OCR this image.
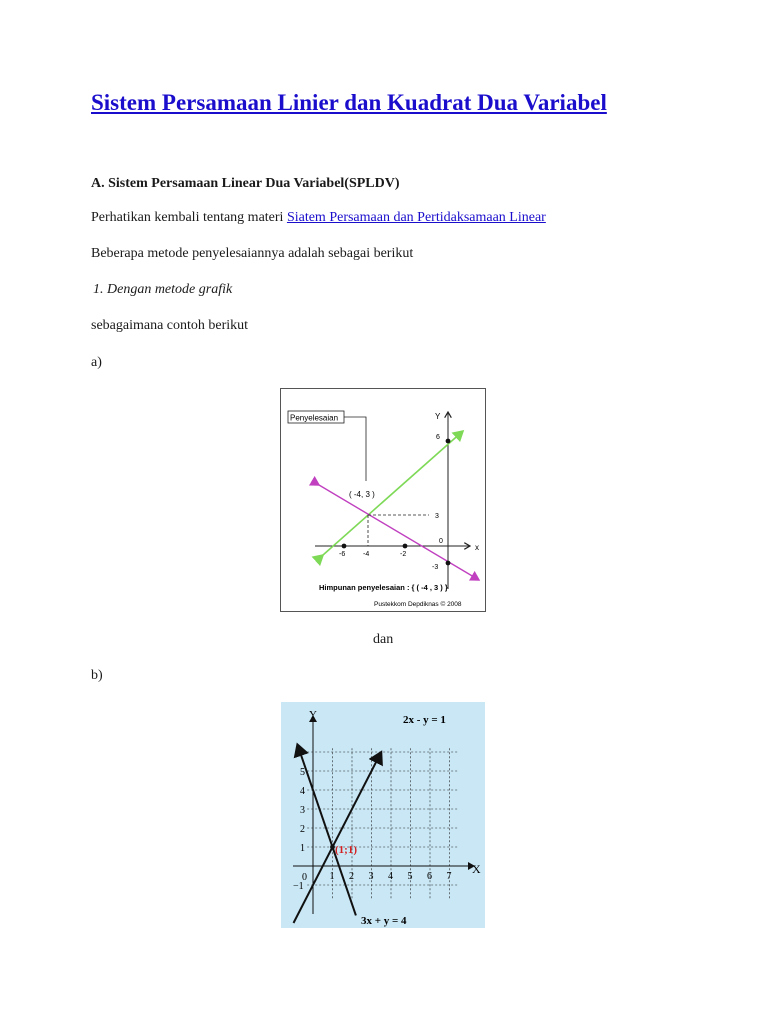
Sistem Persamaan Linier dan Kuadrat Dua Variabel

A. Sistem Persamaan Linear Dua Variabel(SPLDV)

Perhatikan kembali tentang materi Siatem Persamaan dan Pertidaksamaan Linear

Beberapa metode penyelesaiannya adalah sebagai berikut

1. Dengan metode grafik

sebagaimana contoh berikut

a)

Penyelesaian
( -4, 3 )
Y
x
0
-6	-4	-2
6
3
-3
Himpunan penyelesaian : { ( -4 , 3 ) }
Pustekkom Depdiknas © 2008

dan

b)

(1;1)
Y
X
0
2x - y = 1
3x + y = 4
1 2 3 4 5 6 7
−1
1
2
3
4
5
